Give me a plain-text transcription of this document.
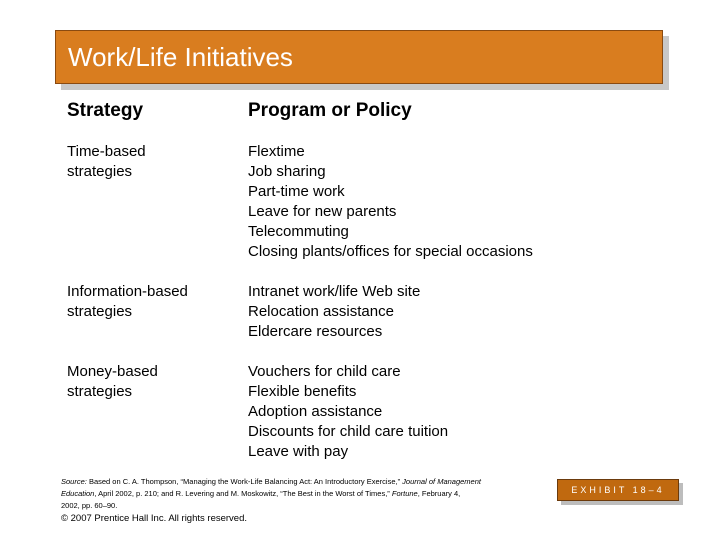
Work/Life Initiatives
Strategy	Program or Policy
Time-based
strategies
Flextime
Job sharing
Part-time work
Leave for new parents
Telecommuting
Closing plants/offices for special occasions
Information-based
strategies
Intranet work/life Web site
Relocation assistance
Eldercare resources
Money-based
strategies
Vouchers for child care
Flexible benefits
Adoption assistance
Discounts for child care tuition
Leave with pay
Source: Based on C. A. Thompson, “Managing the Work-Life Balancing Act: An Introductory Exercise,” Journal of Management Education, April 2002, p. 210; and R. Levering and M. Moskowitz, “The Best in the Worst of Times,” Fortune, February 4, 2002, pp. 60–90.
© 2007 Prentice Hall Inc. All rights reserved.
EXHIBIT 18–4
